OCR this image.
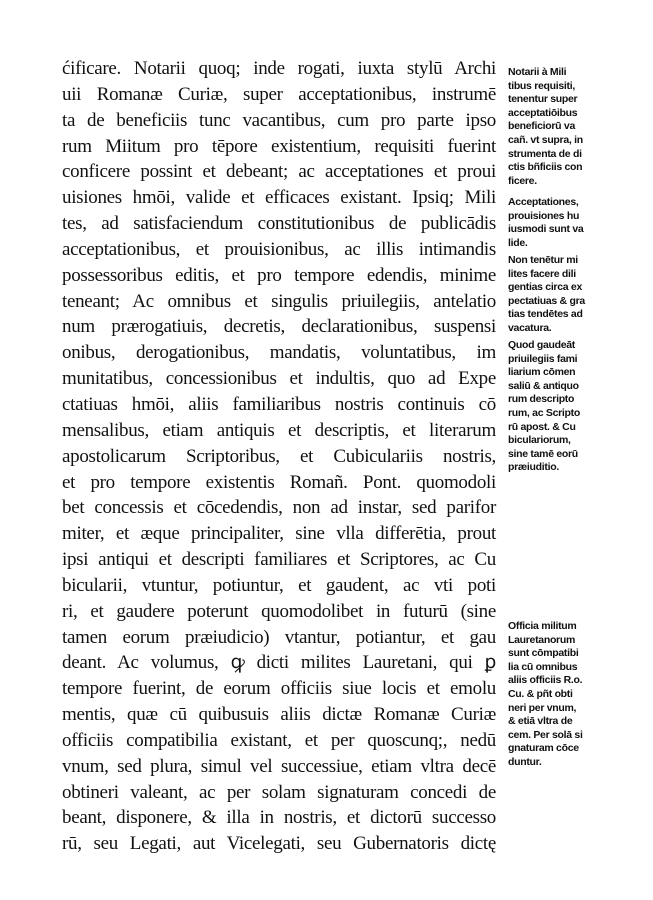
ćificare. Notarii quoq; inde rogati, iuxta stylū Archi
uii Romanæ Curiæ, super acceptationibus, instrumē
ta de beneficiis tunc vacantibus, cum pro parte ipso
rum Miitum pro tēpore existentium, requisiti fuerint
conficere possint et debeant; ac acceptationes et proui
uisiones hmōi, valide et efficaces existant. Ipsiq; Mili
tes, ad satisfaciendum constitutionibus de publicādis
acceptationibus, et prouisionibus, ac illis intimandis
possessoribus editis, et pro tempore edendis, minime
teneant; Ac omnibus et singulis priuilegiis, antelatio
num prærogatiuis, decretis, declarationibus, suspensi
onibus, derogationibus, mandatis, voluntatibus, im
munitatibus, concessionibus et indultis, quo ad Expe
ctatiuas hmōi, aliis familiaribus nostris continuis cō
mensalibus, etiam antiquis et descriptis, et literarum
apostolicarum Scriptoribus, et Cubiculariis nostris,
et pro tempore existentis Romañ. Pont. quomodoli
bet concessis et cōcedendis, non ad instar, sed parifor
miter, et æque principaliter, sine vlla differētia, prout
ipsi antiqui et descripti familiares et Scriptores, ac Cu
bicularii, vtuntur, potiuntur, et gaudent, ac vti poti
ri, et gaudere poterunt quomodolibet in futurū (sine
tamen eorum præiudicio) vtantur, potiantur, et gau
deant. Ac volumus, ꝙ dicti milites Lauretani, qui ꝑ
tempore fuerint, de eorum officiis siue locis et emolu
mentis, quæ cū quibusuis aliis dictæ Romanæ Curiæ
officiis compatibilia existant, et per quoscunq;, nedū
vnum, sed plura, simul vel successiue, etiam vltra decē
obtineri valeant, ac per solam signaturam concedi de
beant, disponere, & illa in nostris, et dictorū successo
rū, seu Legati, aut Vicelegati, seu Gubernatoris dictę
Notarii à Mili
tibus requisiti,
tenentur super
acceptatiōibus
beneficiorū va
cañ. vt supra, in
strumenta de di
ctis bñficiis con
ficere.
Acceptationes,
prouisiones hu
iusmodi sunt va
lide.
Non tenētur mi
lites facere dili
gentias circa ex
pectatiuas & gra
tias tendētes ad
vacatura.
Quod gaudeāt
priuilegiis fami
liarium cōmen
saliū & antiquo
rum descripto
rum, ac Scripto
rū apost. & Cu
biculariorum,
sine tamē eorū
præiuditio.
Officia militum
Lauretanorum
sunt cōmpatibi
lia cū omnibus
aliis officiis R.o.
Cu. & pñt obti
neri per vnum,
& etiā vltra de
cem. Per solā si
gnaturam cōce
duntur.
